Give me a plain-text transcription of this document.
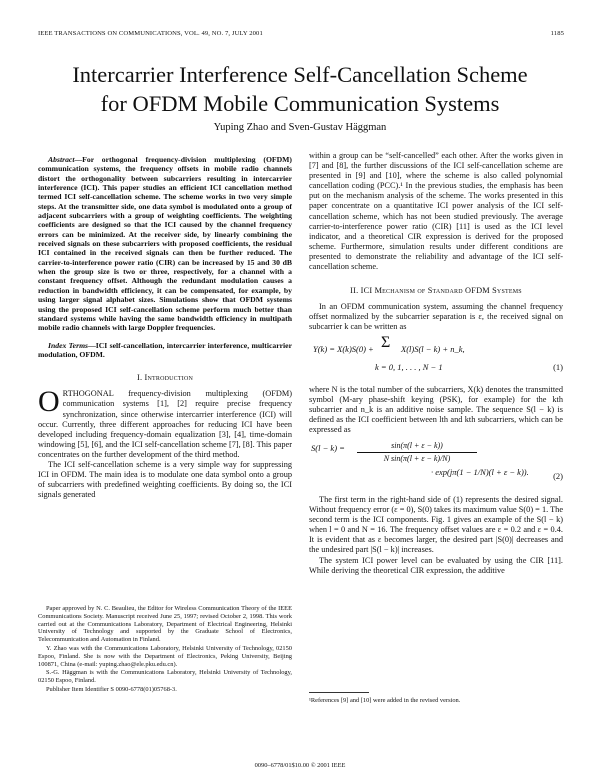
IEEE TRANSACTIONS ON COMMUNICATIONS, VOL. 49, NO. 7, JULY 2001	1185
Intercarrier Interference Self-Cancellation Scheme
for OFDM Mobile Communication Systems
Yuping Zhao and Sven-Gustav Häggman

Abstract—For orthogonal frequency-division multiplexing (OFDM) communication systems, the frequency offsets in mobile radio channels distort the orthogonality between subcarriers resulting in intercarrier interference (ICI). This paper studies an efficient ICI cancellation method termed ICI self-cancellation scheme. The scheme works in two very simple steps. At the transmitter side, one data symbol is modulated onto a group of adjacent subcarriers with a group of weighting coefficients. The weighting coefficients are designed so that the ICI caused by the channel frequency errors can be minimized. At the receiver side, by linearly combining the received signals on these subcarriers with proposed coefficients, the residual ICI contained in the received signals can then be further reduced. The carrier-to-interference power ratio (CIR) can be increased by 15 and 30 dB when the group size is two or three, respectively, for a channel with a constant frequency offset. Although the redundant modulation causes a reduction in bandwidth efficiency, it can be compensated, for example, by using larger signal alphabet sizes. Simulations show that OFDM systems using the proposed ICI self-cancellation scheme perform much better than standard systems while having the same bandwidth efficiency in multipath mobile radio channels with large Doppler frequencies.

Index Terms—ICI self-cancellation, intercarrier interference, multicarrier modulation, OFDM.

I. Introduction

ORTHOGONAL frequency-division multiplexing (OFDM) communication systems [1], [2] require precise frequency synchronization, since otherwise intercarrier interference (ICI) will occur. Currently, three different approaches for reducing ICI have been developed including frequency-domain equalization [3], [4], time-domain windowing [5], [6], and the ICI self-cancellation scheme [7], [8]. This paper concentrates on the further development of the third method.

The ICI self-cancellation scheme is a very simple way for suppressing ICI in OFDM. The main idea is to modulate one data symbol onto a group of subcarriers with predefined weighting coefficients. By doing so, the ICI signals generated

Paper approved by N. C. Beaulieu, the Editor for Wireless Communication Theory of the IEEE Communications Society. Manuscript received June 25, 1997; revised October 2, 1998. This work carried out at the Communications Laboratory, Department of Electrical Engineering, Helsinki University of Technology and supported by the Graduate School of Electronics, Telecommunication and Automation in Finland.

Y. Zhao was with the Communications Laboratory, Helsinki University of Technology, 02150 Espoo, Finland. She is now with the Department of Electronics, Peking University, Beijing 100871, China (e-mail: yuping.zhao@ele.pku.edu.cn).

S.-G. Häggman is with the Communications Laboratory, Helsinki University of Technology, 02150 Espoo, Finland.

Publisher Item Identifier S 0090-6778(01)05768-3.

within a group can be “self-cancelled” each other. After the works given in [7] and [8], the further discussions of the ICI self-cancellation scheme are presented in [9] and [10], where the scheme is also called polynomial cancellation coding (PCC).¹ In the previous studies, the emphasis has been put on the mechanism analysis of the scheme. The works presented in this paper concentrate on a quantitative ICI power analysis of the ICI self-cancellation scheme, which has not been studied previously. The average carrier-to-interference power ratio (CIR) [11] is used as the ICI level indicator, and a theoretical CIR expression is derived for the proposed scheme. Furthermore, simulation results under different conditions are presented to demonstrate the reliability and advantage of the ICI self-cancellation scheme.

II. ICI Mechanism of Standard OFDM Systems

In an OFDM communication system, assuming the channel frequency offset normalized by the subcarrier separation is ε, the received signal on subcarrier k can be written as

Y(k) = X(k)S(0) + Σ X(l)S(l − k) + n_k,
k = 0, 1, . . . , N − 1	(1)

where N is the total number of the subcarriers, X(k) denotes the transmitted symbol (M-ary phase-shift keying (PSK), for example) for the kth subcarrier and n_k is an additive noise sample. The sequence S(l − k) is defined as the ICI coefficient between lth and kth subcarriers, which can be expressed as

S(l − k) =	sin(π(l + ε − k))
N sin(π(l + ε − k)/N)
· exp(jπ(1 − 1/N)(l + ε − k)).	(2)

The first term in the right-hand side of (1) represents the desired signal. Without frequency error (ε = 0), S(0) takes its maximum value S(0) = 1. The second term is the ICI components. Fig. 1 gives an example of the S(l − k) when l = 0 and N = 16. The frequency offset values are ε = 0.2 and ε = 0.4. It is evident that as ε becomes larger, the desired part |S(0)| decreases and the undesired part |S(l − k)| increases.

The system ICI power level can be evaluated by using the CIR [11]. While deriving the theoretical CIR expression, the additive

¹References [9] and [10] were added in the revised version.
0090–6778/01$10.00 © 2001 IEEE
